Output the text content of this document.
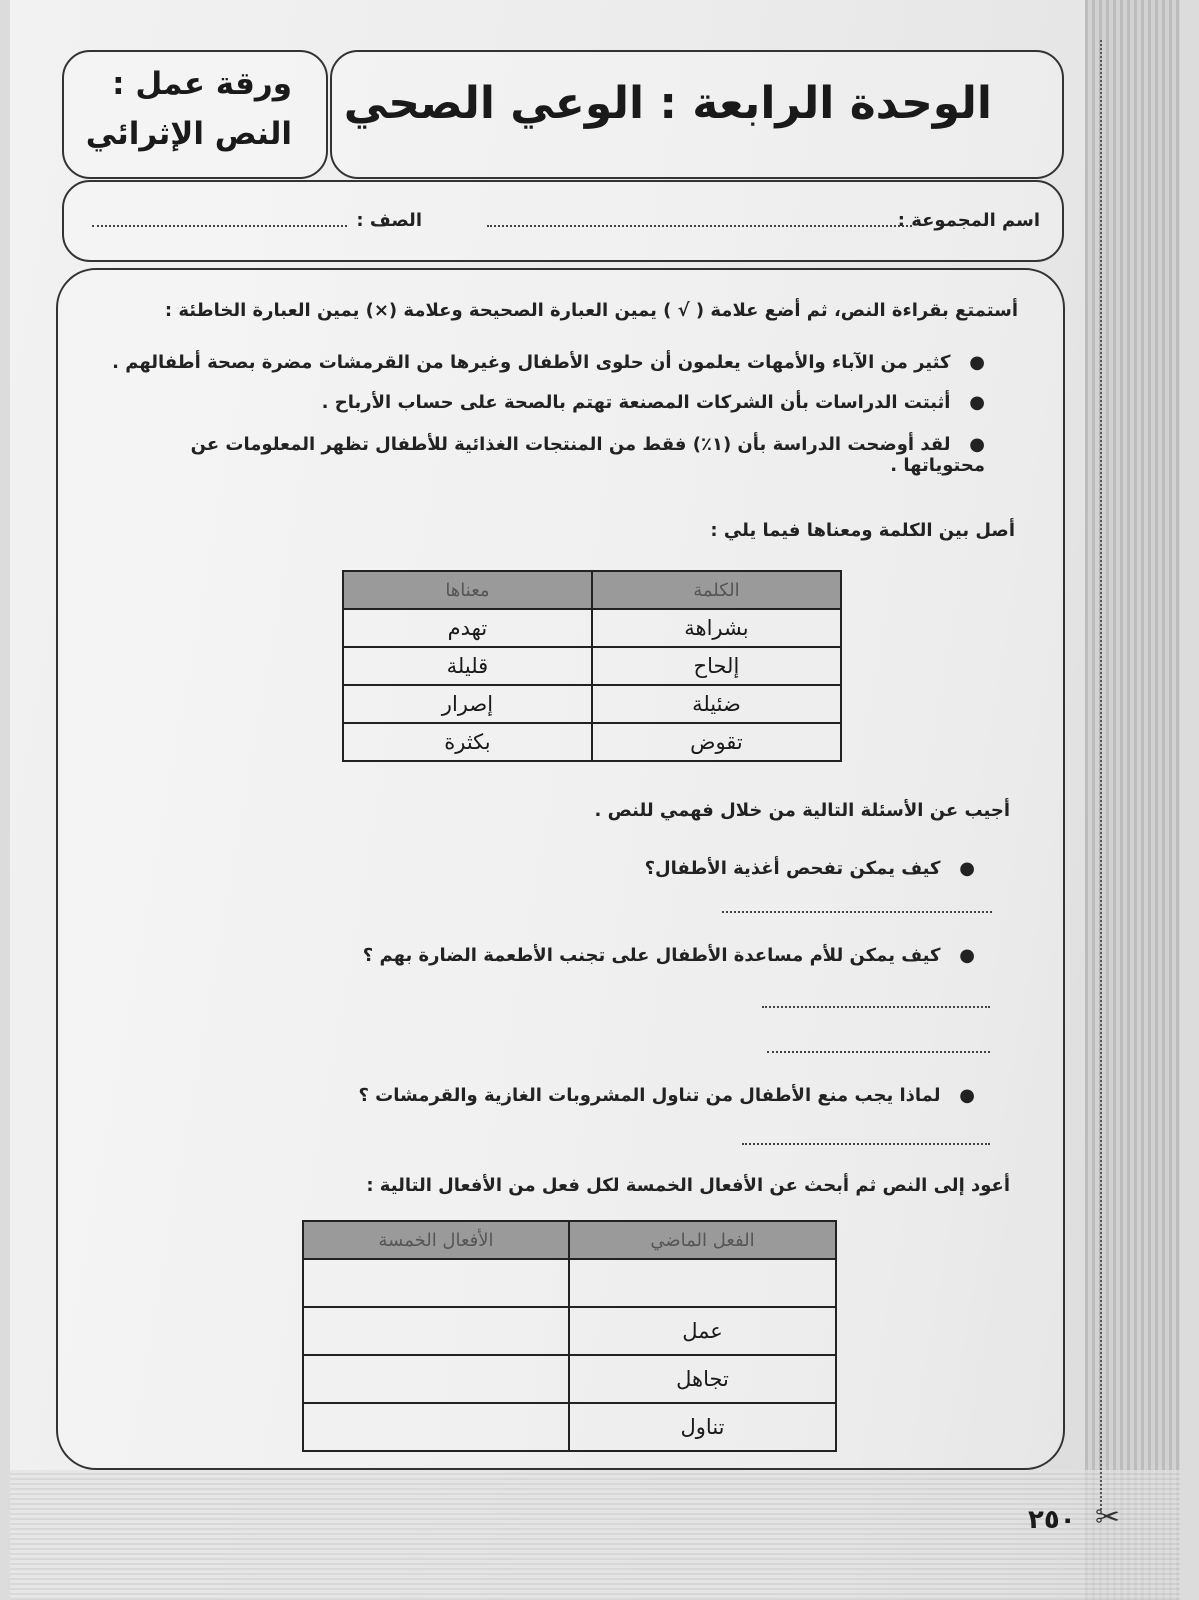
الوحدة الرابعة : الوعي الصحي
ورقة عمل :
النص الإثرائي
اسم المجموعة :
الصف :
أستمتع بقراءة النص، ثم أضع علامة ( √ ) يمين العبارة الصحيحة وعلامة (×) يمين العبارة الخاطئة :
●   كثير من الآباء والأمهات يعلمون أن حلوى الأطفال وغيرها من القرمشات مضرة بصحة أطفالهم .
●   أثبتت الدراسات بأن الشركات المصنعة تهتم بالصحة على حساب الأرباح .
●   لقد أوضحت الدراسة بأن (١٪) فقط من المنتجات الغذائية للأطفال تظهر المعلومات عن محتوياتها .
أصل بين الكلمة ومعناها فيما يلي :
الكلمة	معناها
بشراهة	تهدم
إلحاح	قليلة
ضئيلة	إصرار
تقوض	بكثرة
أجيب عن الأسئلة التالية من خلال فهمي للنص .
●   كيف يمكن تفحص أغذية الأطفال؟
●   كيف يمكن للأم مساعدة الأطفال على تجنب الأطعمة الضارة بهم ؟
●   لماذا يجب منع الأطفال من تناول المشروبات الغازية والقرمشات ؟
أعود إلى النص ثم أبحث عن الأفعال الخمسة لكل فعل من الأفعال التالية :
الفعل الماضي	الأفعال الخمسة

عمل	
تجاهل	
تناول	
٢٥٠ ✂
